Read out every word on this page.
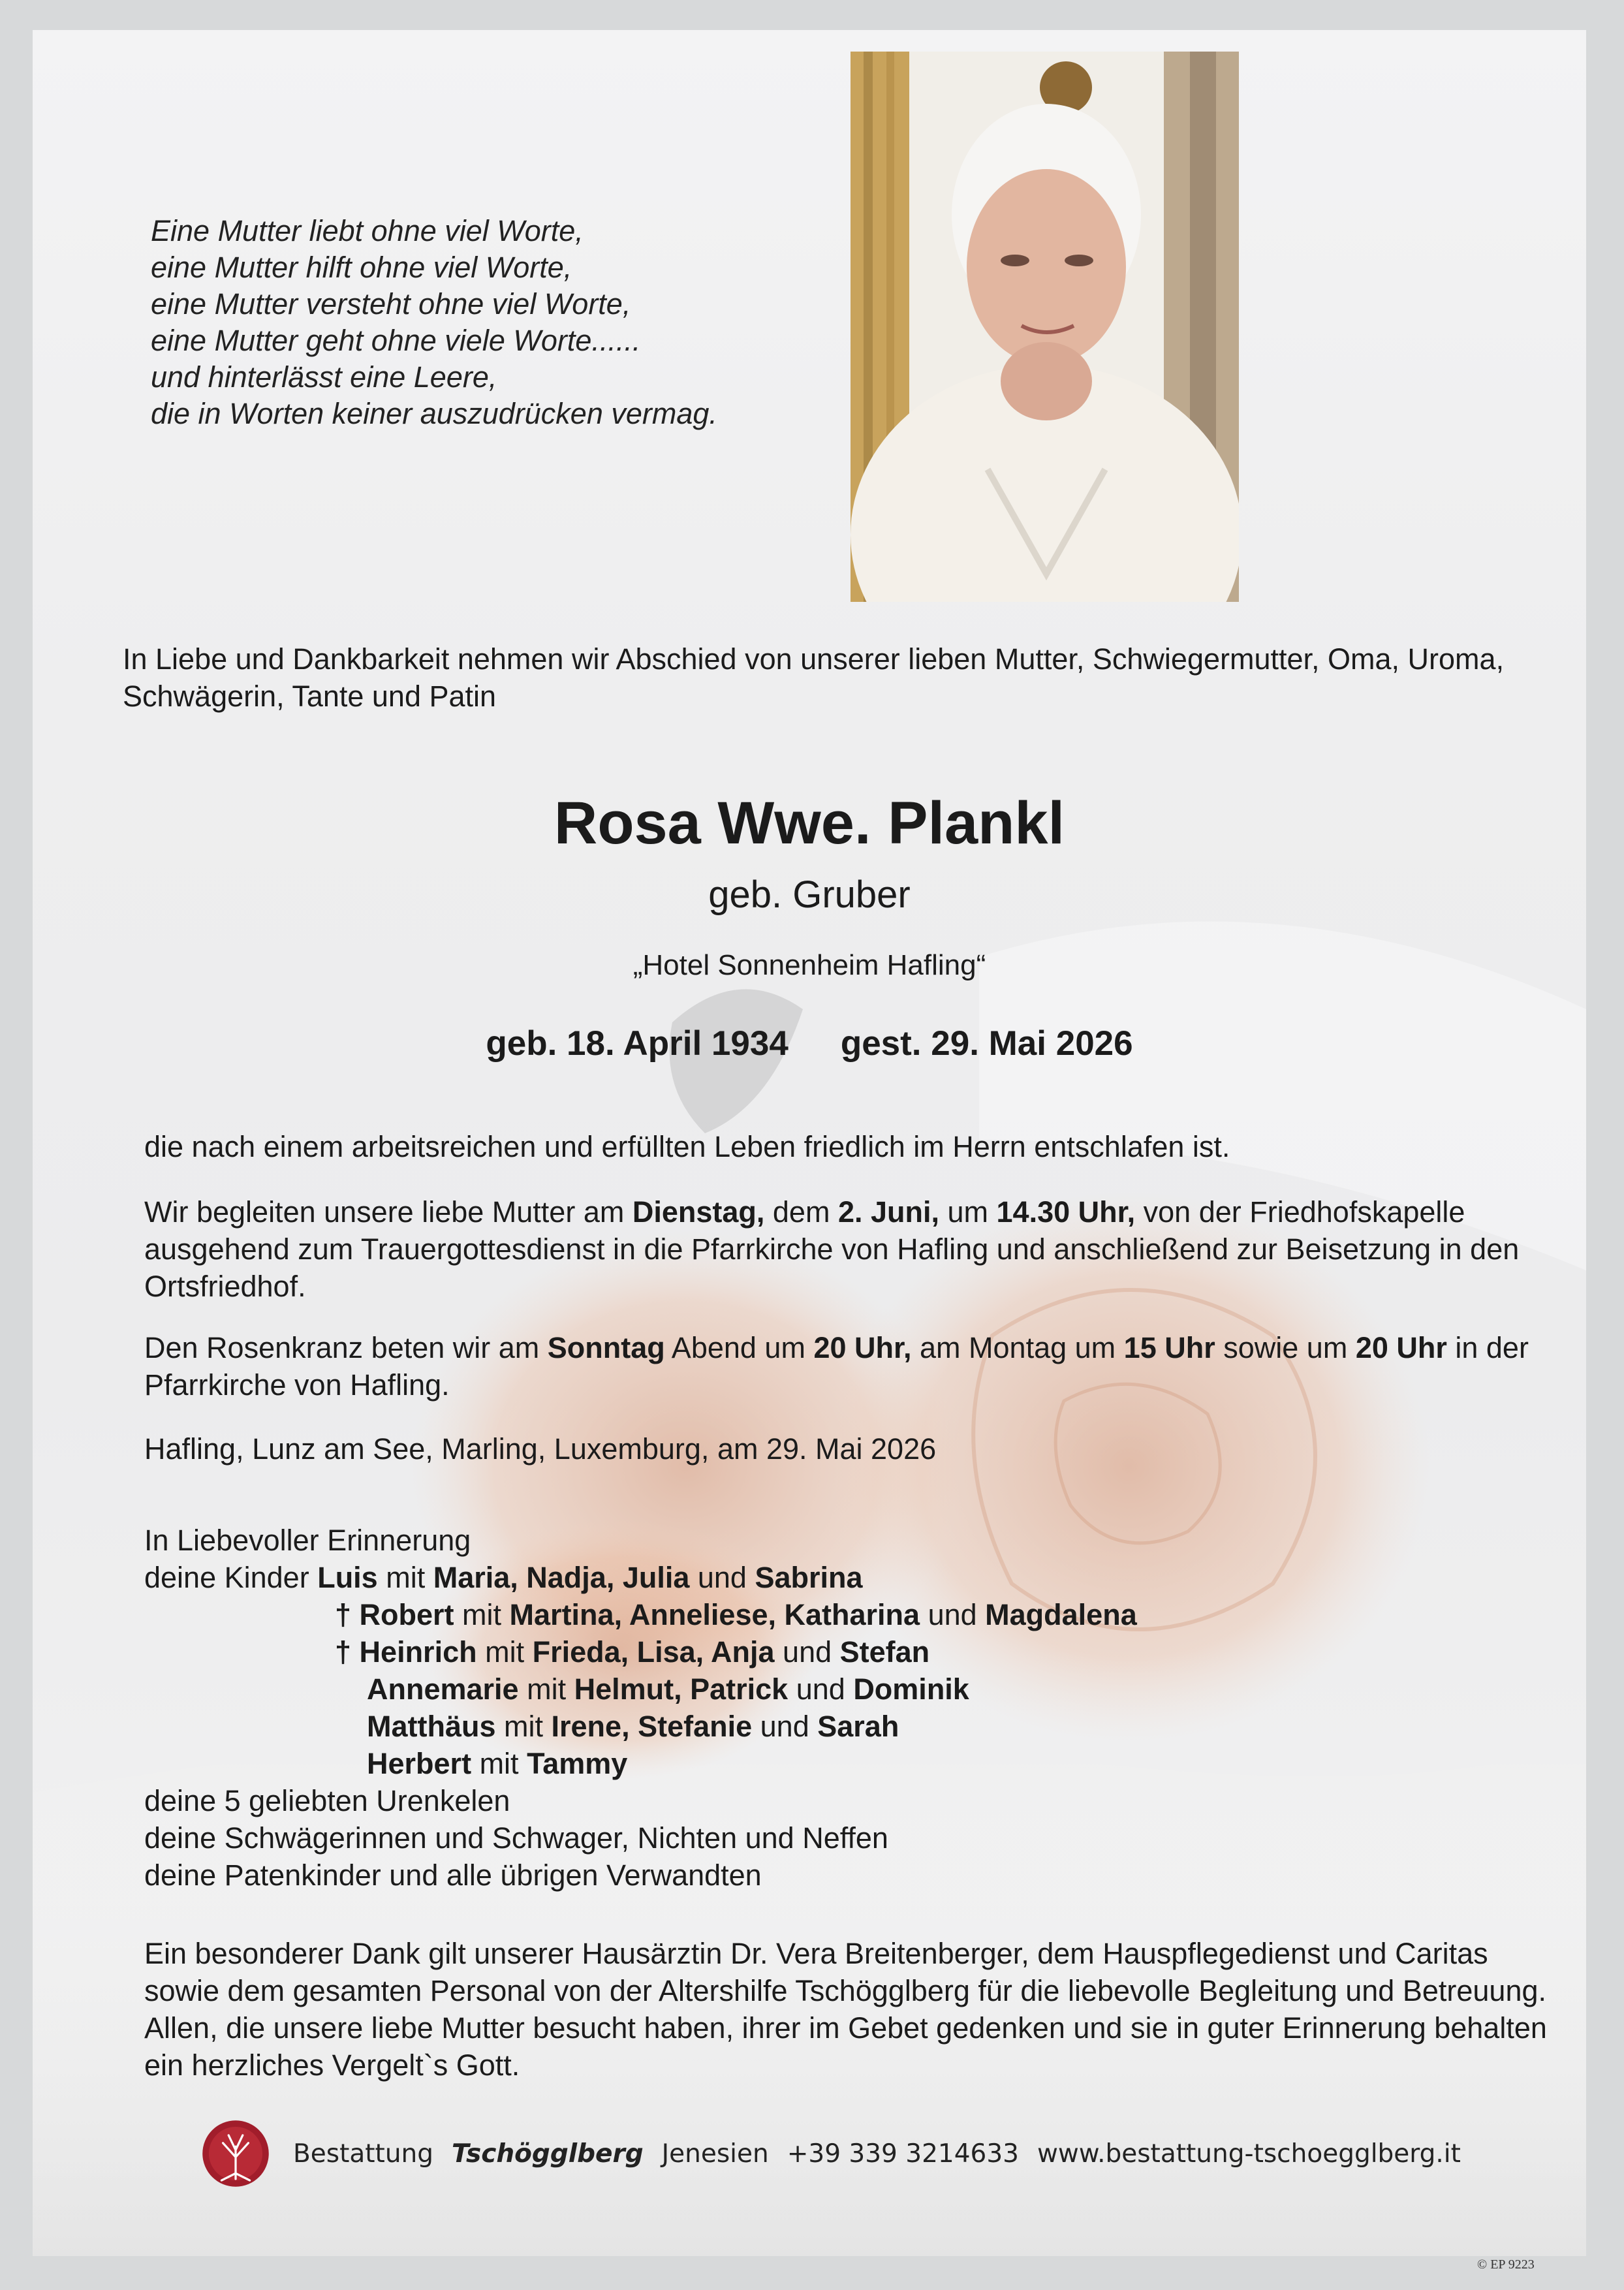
Eine Mutter liebt ohne viel Worte,
eine Mutter hilft ohne viel Worte,
eine Mutter versteht ohne viel Worte,
eine Mutter geht ohne viele Worte......
und hinterlässt eine Leere,
die in Worten keiner auszudrücken vermag.
In Liebe und Dankbarkeit nehmen wir Abschied von unserer lieben Mutter, Schwiegermutter, Oma, Uroma, Schwägerin, Tante und Patin
Rosa Wwe. Plankl
geb. Gruber
„Hotel Sonnenheim Hafling“
geb. 18. April 1934 gest. 29. Mai 2026
die nach einem arbeitsreichen und erfüllten Leben friedlich im Herrn entschlafen ist.
Wir begleiten unsere liebe Mutter am Dienstag, dem 2. Juni, um 14.30 Uhr, von der Friedhofskapelle ausgehend zum Trauergottesdienst in die Pfarrkirche von Hafling und anschließend zur Beisetzung in den Ortsfriedhof.
Den Rosenkranz beten wir am Sonntag Abend um 20 Uhr, am Montag um 15 Uhr sowie um 20 Uhr in der Pfarrkirche von Hafling.
Hafling, Lunz am See, Marling, Luxemburg, am 29. Mai 2026
In Liebevoller Erinnerung
deine Kinder Luis mit Maria, Nadja, Julia und Sabrina
† Robert mit Martina, Anneliese, Katharina und Magdalena
† Heinrich mit Frieda, Lisa, Anja und Stefan
Annemarie mit Helmut, Patrick und Dominik
Matthäus mit Irene, Stefanie und Sarah
Herbert mit Tammy
deine 5 geliebten Urenkelen
deine Schwägerinnen und Schwager, Nichten und Neffen
deine Patenkinder und alle übrigen Verwandten
Ein besonderer Dank gilt unserer Hausärztin Dr. Vera Breitenberger, dem Hauspflegedienst und Caritas sowie dem gesamten Personal von der Altershilfe Tschögglberg für die liebevolle Begleitung und Betreuung.
Allen, die unsere liebe Mutter besucht haben, ihrer im Gebet gedenken und sie in guter Erinnerung behalten ein herzliches Vergelt`s Gott.
Bestattung Tschögglberg Jenesien +39 339 3214633 www.bestattung-tschoegglberg.it
© EP 9223
